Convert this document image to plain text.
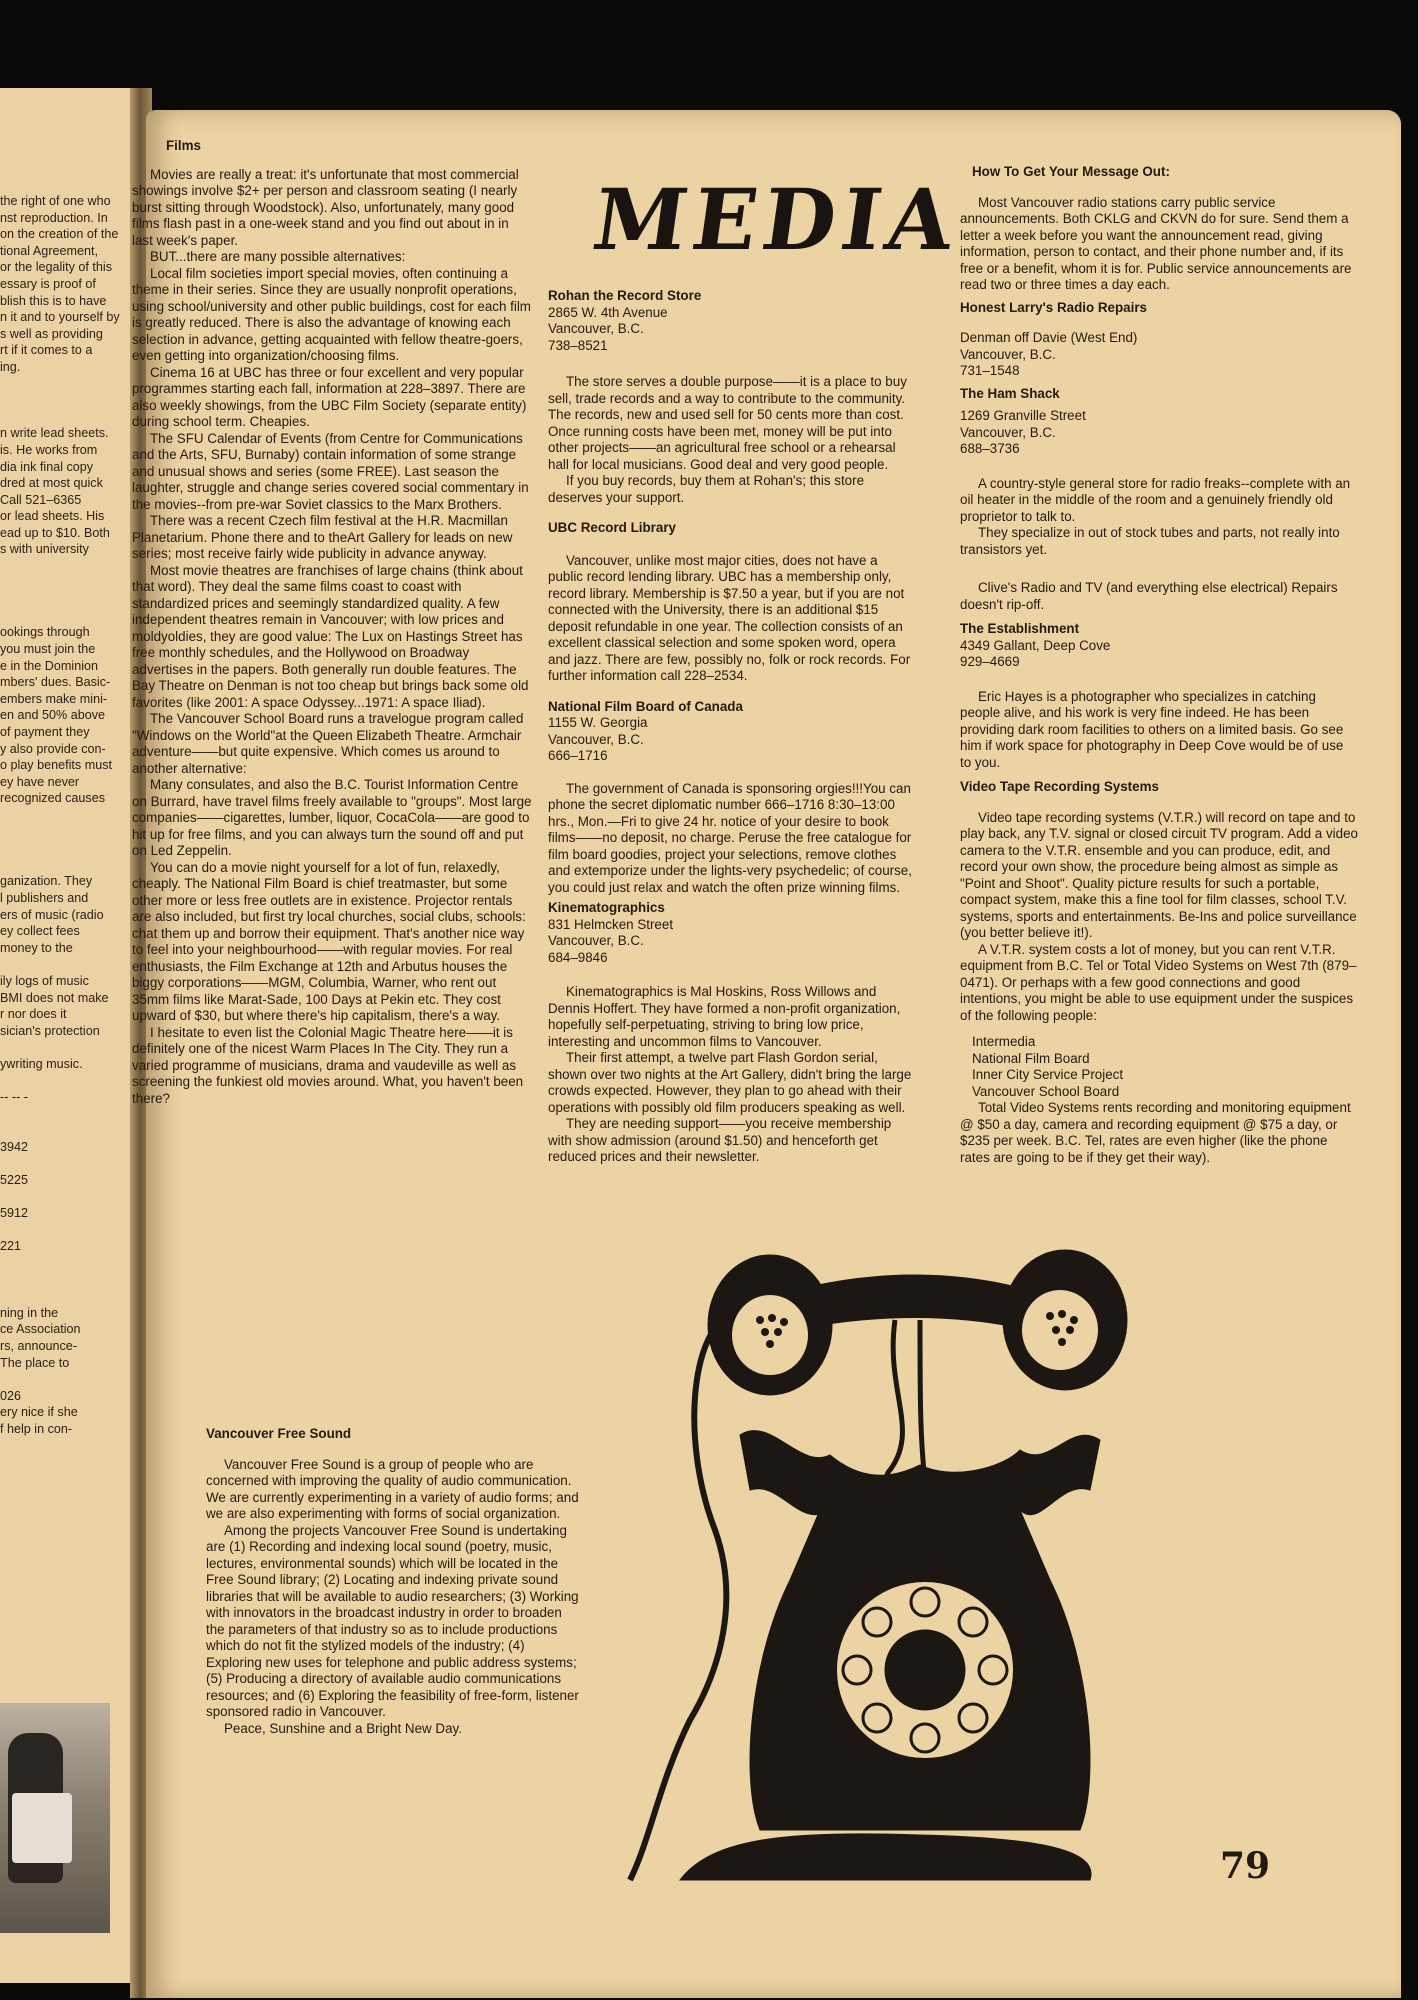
the right of one who
nst reproduction. In
on the creation of the
tional Agreement,
or the legality of this
essary is proof of
blish this is to have
n it and to yourself by
s well as providing
rt if it comes to a
ing.

n write lead sheets.
is. He works from
dia ink final copy
dred at most quick
Call 521–6365
or lead sheets. His
ead up to $10. Both
s with university

ookings through
you must join the
e in the Dominion
mbers' dues. Basic-
embers make mini-
en and 50% above
of payment they
y also provide con-
o play benefits must
ey have never
recognized causes

ganization. They
l publishers and
ers of music (radio
ey collect fees
money to the

ily logs of music
BMI does not make
r nor does it
sician's protection

ywriting music.

-- -- -

3942

5225

5912

221

ning in the
ce Association
rs, announce-
The place to

026
ery nice if she
f help in con-
MEDIA
Films

Movies are really a treat: it's unfortunate that most commercial showings involve $2+ per person and classroom seating (I nearly burst sitting through Woodstock). Also, unfortunately, many good films flash past in a one-week stand and you find out about in in last week's paper.

BUT...there are many possible alternatives:

Local film societies import special movies, often continuing a theme in their series. Since they are usually nonprofit operations, using school/university and other public buildings, cost for each film is greatly reduced. There is also the advantage of knowing each selection in advance, getting acquainted with fellow theatre-goers, even getting into organization/choosing films.

Cinema 16 at UBC has three or four excellent and very popular programmes starting each fall, information at 228–3897. There are also weekly showings, from the UBC Film Society (separate entity) during school term. Cheapies.

The SFU Calendar of Events (from Centre for Communications and the Arts, SFU, Burnaby) contain information of some strange and unusual shows and series (some FREE). Last season the laughter, struggle and change series covered social commentary in the movies--from pre-war Soviet classics to the Marx Brothers.

There was a recent Czech film festival at the H.R. Macmillan Planetarium. Phone there and to theArt Gallery for leads on new series; most receive fairly wide publicity in advance anyway.

Most movie theatres are franchises of large chains (think about that word). They deal the same films coast to coast with standardized prices and seemingly standardized quality. A few independent theatres remain in Vancouver; with low prices and moldyoldies, they are good value: The Lux on Hastings Street has free monthly schedules, and the Hollywood on Broadway advertises in the papers. Both generally run double features. The Bay Theatre on Denman is not too cheap but brings back some old favorites (like 2001: A space Odyssey...1971: A space Iliad).

The Vancouver School Board runs a travelogue program called "Windows on the World"at the Queen Elizabeth Theatre. Armchair adventure——but quite expensive. Which comes us around to another alternative:

Many consulates, and also the B.C. Tourist Information Centre on Burrard, have travel films freely available to "groups". Most large companies——cigarettes, lumber, liquor, CocaCola——are good to hit up for free films, and you can always turn the sound off and put on Led Zeppelin.

You can do a movie night yourself for a lot of fun, relaxedly, cheaply. The National Film Board is chief treatmaster, but some other more or less free outlets are in existence. Projector rentals are also included, but first try local churches, social clubs, schools: chat them up and borrow their equipment. That's another nice way to feel into your neighbourhood——with regular movies. For real enthusiasts, the Film Exchange at 12th and Arbutus houses the biggy corporations——MGM, Columbia, Warner, who rent out 35mm films like Marat-Sade, 100 Days at Pekin etc. They cost upward of $30, but where there's hip capitalism, there's a way.

I hesitate to even list the Colonial Magic Theatre here——it is definitely one of the nicest Warm Places In The City. They run a varied programme of musicians, drama and vaudeville as well as screening the funkiest old movies around. What, you haven't been there?

Vancouver Free Sound

Vancouver Free Sound is a group of people who are concerned with improving the quality of audio communication. We are currently experimenting in a variety of audio forms; and we are also experimenting with forms of social organization.

Among the projects Vancouver Free Sound is undertaking are (1) Recording and indexing local sound (poetry, music, lectures, environmental sounds) which will be located in the Free Sound library; (2) Locating and indexing private sound libraries that will be available to audio researchers; (3) Working with innovators in the broadcast industry in order to broaden the parameters of that industry so as to include productions which do not fit the stylized models of the industry; (4) Exploring new uses for telephone and public address systems; (5) Producing a directory of available audio communications resources; and (6) Exploring the feasibility of free-form, listener sponsored radio in Vancouver.

Peace, Sunshine and a Bright New Day.

Rohan the Record Store
2865 W. 4th Avenue
Vancouver, B.C.
738–8521

The store serves a double purpose——it is a place to buy sell, trade records and a way to contribute to the community. The records, new and used sell for 50 cents more than cost. Once running costs have been met, money will be put into other projects——an agricultural free school or a rehearsal hall for local musicians. Good deal and very good people.

If you buy records, buy them at Rohan's; this store deserves your support.

UBC Record Library

Vancouver, unlike most major cities, does not have a public record lending library. UBC has a membership only, record library. Membership is $7.50 a year, but if you are not connected with the University, there is an additional $15 deposit refundable in one year. The collection consists of an excellent classical selection and some spoken word, opera and jazz. There are few, possibly no, folk or rock records. For further information call 228–2534.

National Film Board of Canada
1155 W. Georgia
Vancouver, B.C.
666–1716

The government of Canada is sponsoring orgies!!!You can phone the secret diplomatic number 666–1716 8:30–13:00 hrs., Mon.—Fri to give 24 hr. notice of your desire to book films——no deposit, no charge. Peruse the free catalogue for film board goodies, project your selections, remove clothes and extemporize under the lights-very psychedelic; of course, you could just relax and watch the often prize winning films.

Kinematographics
831 Helmcken Street
Vancouver, B.C.
684–9846

Kinematographics is Mal Hoskins, Ross Willows and Dennis Hoffert. They have formed a non-profit organization, hopefully self-perpetuating, striving to bring low price, interesting and uncommon films to Vancouver.

Their first attempt, a twelve part Flash Gordon serial, shown over two nights at the Art Gallery, didn't bring the large crowds expected. However, they plan to go ahead with their operations with possibly old film producers speaking as well.

They are needing support——you receive membership with show admission (around $1.50) and henceforth get reduced prices and their newsletter.

How To Get Your Message Out:

Most Vancouver radio stations carry public service announcements. Both CKLG and CKVN do for sure. Send them a letter a week before you want the announcement read, giving information, person to contact, and their phone number and, if its free or a benefit, whom it is for. Public service announcements are read two or three times a day each.

Honest Larry's Radio Repairs
Denman off Davie (West End)
Vancouver, B.C.
731–1548
The Ham Shack
1269 Granville Street
Vancouver, B.C.
688–3736

A country-style general store for radio freaks--complete with an oil heater in the middle of the room and a genuinely friendly old proprietor to talk to.

They specialize in out of stock tubes and parts, not really into transistors yet.

Clive's Radio and TV (and everything else electrical) Repairs doesn't rip-off.

The Establishment
4349 Gallant, Deep Cove
929–4669

Eric Hayes is a photographer who specializes in catching people alive, and his work is very fine indeed. He has been providing dark room facilities to others on a limited basis. Go see him if work space for photography in Deep Cove would be of use to you.

Video Tape Recording Systems

Video tape recording systems (V.T.R.) will record on tape and to play back, any T.V. signal or closed circuit TV program. Add a video camera to the V.T.R. ensemble and you can produce, edit, and record your own show, the procedure being almost as simple as "Point and Shoot". Quality picture results for such a portable, compact system, make this a fine tool for film classes, school T.V. systems, sports and entertainments. Be-Ins and police surveillance (you better believe it!).

A V.T.R. system costs a lot of money, but you can rent V.T.R. equipment from B.C. Tel or Total Video Systems on West 7th (879–0471). Or perhaps with a few good connections and good intentions, you might be able to use equipment under the suspices of the following people:

Intermedia
National Film Board
Inner City Service Project
Vancouver School Board

Total Video Systems rents recording and monitoring equipment @ $50 a day, camera and recording equipment @ $75 a day, or $235 per week. B.C. Tel, rates are even higher (like the phone rates are going to be if they get their way).

79
